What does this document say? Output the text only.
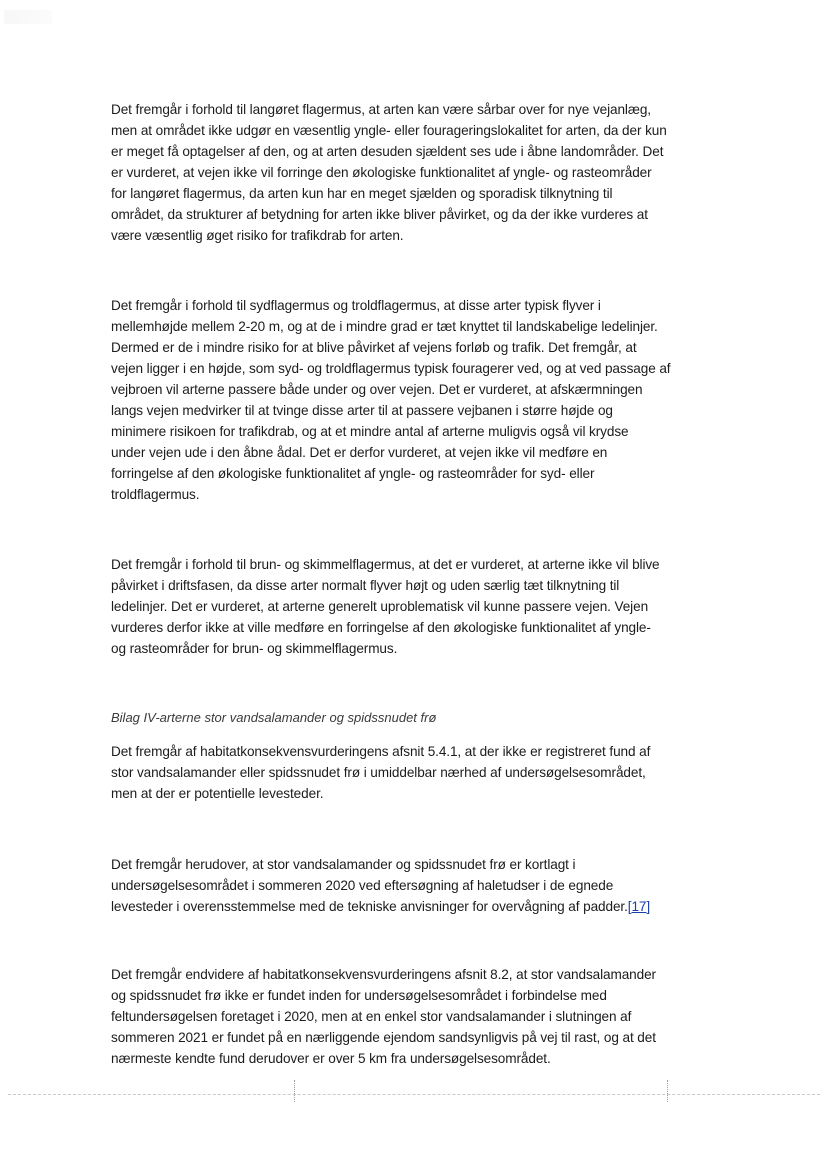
Det fremgår i forhold til langøret flagermus, at arten kan være sårbar over for nye vejanlæg,
men at området ikke udgør en væsentlig yngle- eller fourageringslokalitet for arten, da der kun
er meget få optagelser af den, og at arten desuden sjældent ses ude i åbne landområder. Det
er vurderet, at vejen ikke vil forringe den økologiske funktionalitet af yngle- og rasteområder
for langøret flagermus, da arten kun har en meget sjælden og sporadisk tilknytning til
området, da strukturer af betydning for arten ikke bliver påvirket, og da der ikke vurderes at
være væsentlig øget risiko for trafikdrab for arten.

Det fremgår i forhold til sydflagermus og troldflagermus, at disse arter typisk flyver i
mellemhøjde mellem 2-20 m, og at de i mindre grad er tæt knyttet til landskabelige ledelinjer.
Dermed er de i mindre risiko for at blive påvirket af vejens forløb og trafik. Det fremgår, at
vejen ligger i en højde, som syd- og troldflagermus typisk fouragerer ved, og at ved passage af
vejbroen vil arterne passere både under og over vejen. Det er vurderet, at afskærmningen
langs vejen medvirker til at tvinge disse arter til at passere vejbanen i større højde og
minimere risikoen for trafikdrab, og at et mindre antal af arterne muligvis også vil krydse
under vejen ude i den åbne ådal. Det er derfor vurderet, at vejen ikke vil medføre en
forringelse af den økologiske funktionalitet af yngle- og rasteområder for syd- eller
troldflagermus.

Det fremgår i forhold til brun- og skimmelflagermus, at det er vurderet, at arterne ikke vil blive
påvirket i driftsfasen, da disse arter normalt flyver højt og uden særlig tæt tilknytning til
ledelinjer. Det er vurderet, at arterne generelt uproblematisk vil kunne passere vejen. Vejen
vurderes derfor ikke at ville medføre en forringelse af den økologiske funktionalitet af yngle-
og rasteområder for brun- og skimmelflagermus.

Bilag IV-arterne stor vandsalamander og spidssnudet frø

Det fremgår af habitatkonsekvensvurderingens afsnit 5.4.1, at der ikke er registreret fund af
stor vandsalamander eller spidssnudet frø i umiddelbar nærhed af undersøgelsesområdet,
men at der er potentielle levesteder.

Det fremgår herudover, at stor vandsalamander og spidssnudet frø er kortlagt i
undersøgelsesområdet i sommeren 2020 ved eftersøgning af haletudser i de egnede
levesteder i overensstemmelse med de tekniske anvisninger for overvågning af padder.[17]

Det fremgår endvidere af habitatkonsekvensvurderingens afsnit 8.2, at stor vandsalamander
og spidssnudet frø ikke er fundet inden for undersøgelsesområdet i forbindelse med
feltundersøgelsen foretaget i 2020, men at en enkel stor vandsalamander i slutningen af
sommeren 2021 er fundet på en nærliggende ejendom sandsynligvis på vej til rast, og at det
nærmeste kendte fund derudover er over 5 km fra undersøgelsesområdet.
